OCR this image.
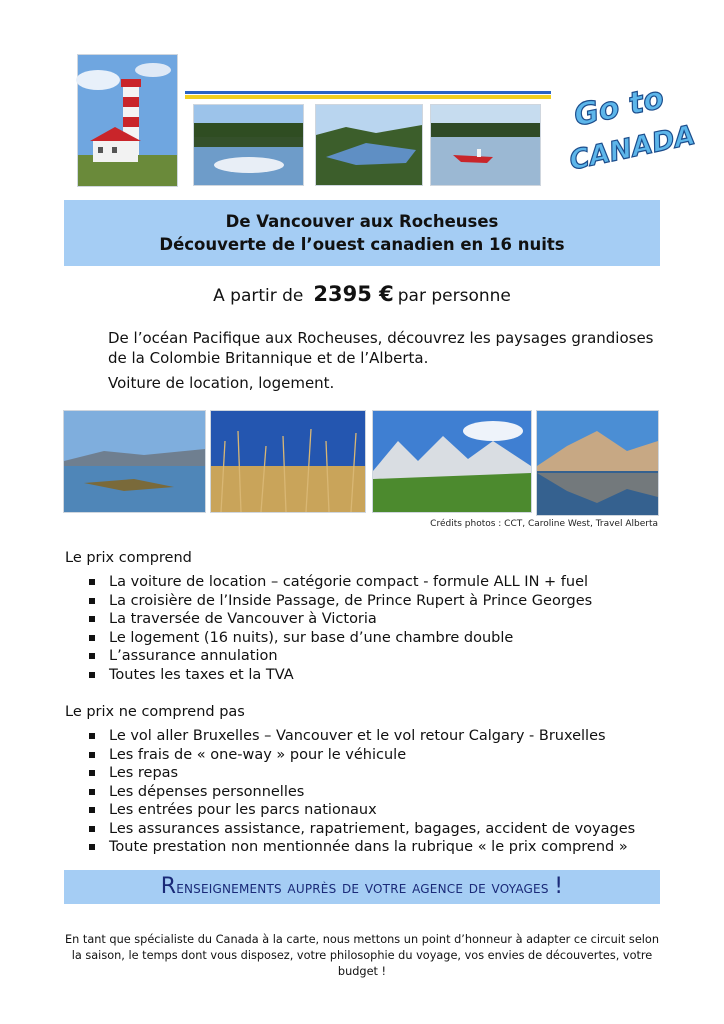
Go to
CANADA
De Vancouver aux Rocheuses
Découverte de l’ouest canadien en 16 nuits
A partir de 2395 € par personne
De l’océan Pacifique aux Rocheuses, découvrez les paysages grandioses de la Colombie Britannique et de l’Alberta.
Voiture de location, logement.
Crédits photos : CCT, Caroline West, Travel Alberta
Le prix comprend
La voiture de location – catégorie compact - formule ALL IN + fuel
La croisière de l’Inside Passage, de Prince Rupert à Prince Georges
La traversée de Vancouver à Victoria
Le logement (16 nuits), sur base d’une chambre double
L’assurance annulation
Toutes les taxes et la TVA
Le prix ne comprend pas
Le vol aller Bruxelles – Vancouver et le vol retour Calgary - Bruxelles
Les frais de « one-way » pour le véhicule
Les repas
Les dépenses personnelles
Les entrées pour les parcs nationaux
Les assurances assistance, rapatriement, bagages, accident de voyages
Toute prestation non mentionnée dans la rubrique « le prix comprend »
Renseignements auprès de votre agence de voyages !
En tant que spécialiste du Canada à la carte, nous mettons un point d’honneur à adapter ce circuit selon la saison, le temps dont vous disposez, votre philosophie du voyage, vos envies de découvertes, votre budget !
